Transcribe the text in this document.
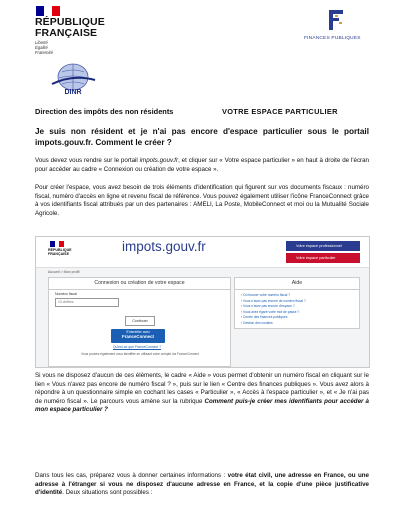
RÉPUBLIQUE
FRANÇAISE
Liberté
Égalité
Fraternité
FINANCES PUBLIQUES
DINR
Direction des impôts des non résidents	VOTRE ESPACE PARTICULIER
Je suis non résident et je n'ai pas encore d'espace particulier sous le portail impots.gouv.fr. Comment le créer ?
Vous devez vous rendre sur le portail impots.gouv.fr, et cliquer sur « Votre espace particulier » en haut à droite de l'écran pour accéder au cadre « Connexion ou création de votre espace ».
Pour créer l'espace, vous avez besoin de trois éléments d'identification qui figurent sur vos documents fiscaux : numéro fiscal, numéro d'accès en ligne et revenu fiscal de référence. Vous pouvez également utiliser l'icône FranceConnect grâce à vos identifiants fiscal attribués par un des partenaires : AMELI, La Poste, MobileConnect et moi ou la Mutualité Sociale Agricole.
RÉPUBLIQUE
FRANÇAISE	impots.gouv.fr	Votre espace professionnel
Votre espace particulier
Accueil > Mon profil
Connexion ou création de votre espace
Numéro fiscal
13 chiffres
Continuer
S'identifier avec
FranceConnect
Qu'est-ce que FranceConnect ?
Vous pouvez également vous identifier en utilisant votre compte via FranceConnect
Aide
› Où trouver votre numéro fiscal ?
› Vous n'avez pas encore de numéro fiscal ?
› Vous n'avez pas encore d'espace ?
› Vous avez égaré votre mot de passe ?
› Centre des finances publiques
› Gestion des cookies
Si vous ne disposez d'aucun de ces éléments, le cadre « Aide » vous permet d'obtenir un numéro fiscal en cliquant sur le lien « Vous n'avez pas encore de numéro fiscal ? », puis sur le lien « Centre des finances publiques ». Vous avez alors à répondre à un questionnaire simple en cochant les cases « Particulier », « Accès à l'espace particulier », et « Je n'ai pas de numéro fiscal ». Le parcours vous amène sur la rubrique Comment puis-je créer mes identifiants pour accéder à mon espace particulier ?
Dans tous les cas, préparez vous à donner certaines informations : votre état civil, une adresse en France, ou une adresse à l'étranger si vous ne disposez d'aucune adresse en France, et la copie d'une pièce justificative d'identité. Deux situations sont possibles :
